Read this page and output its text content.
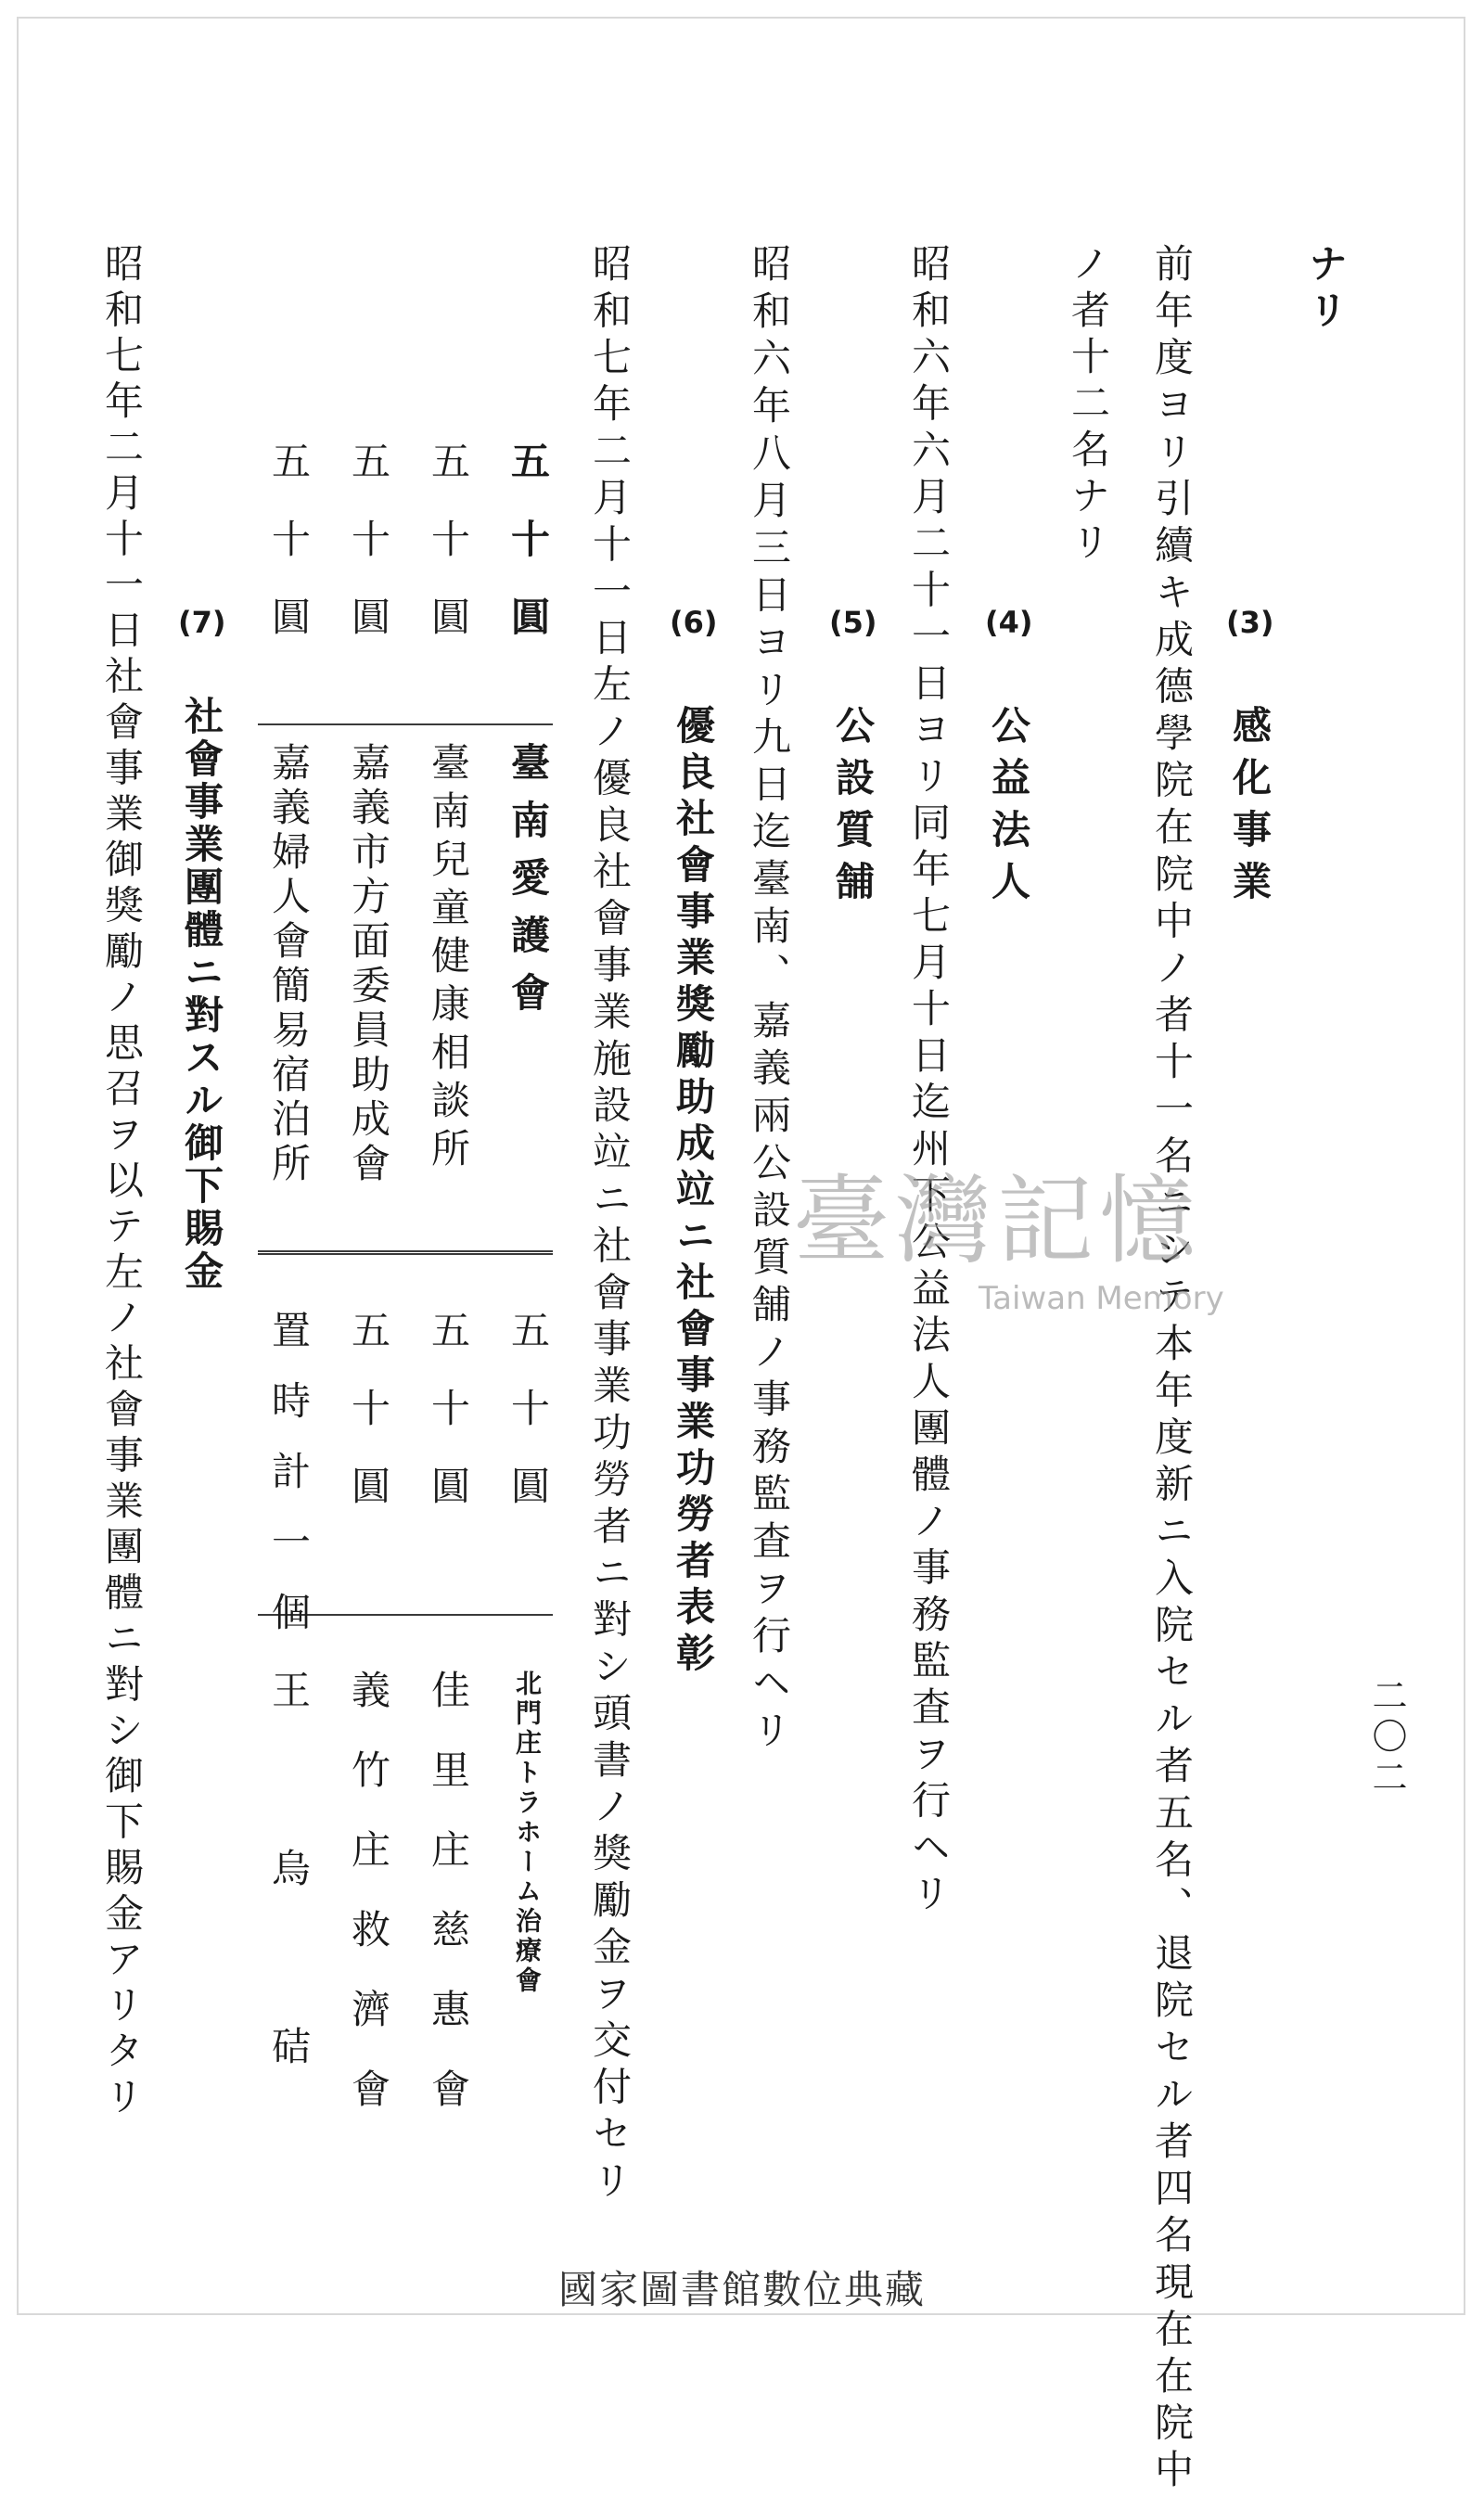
二〇二
ナリ
前年度ヨリ引續キ成德學院在院中ノ者十一名ニシテ本年度新ニ入院セル者五名、退院セル者四名現在在院中
ノ者十二名ナリ
(3)
感化事業
(4)
公益法人
昭和六年六月二十一日ヨリ同年七月十日迄州下公益法人團體ノ事務監査ヲ行ヘリ
(5)
公設質舗
昭和六年八月三日ヨリ九日迄臺南、嘉義兩公設質舗ノ事務監査ヲ行ヘリ
(6)
優良社會事業獎勵助成竝ニ社會事業功勞者表彰
昭和七年二月十一日左ノ優良社會事業施設竝ニ社會事業功勞者ニ對シ頭書ノ獎勵金ヲ交付セリ
五十圓
臺南愛護會
五十圓
臺南兒童健康相談所
五十圓
嘉義市方面委員助成會
五十圓
嘉義婦人會簡易宿泊所
五十圓
北門庄トラホーム治療會
五十圓
佳里庄慈惠會
五十圓
義竹庄救濟會
置時計一個
王烏硈
(7)
社會事業團體ニ對スル御下賜金
昭和七年二月十一日社會事業御獎勵ノ思召ヲ以テ左ノ社會事業團體ニ對シ御下賜金アリタリ	臺灣記憶
Taiwan Memory
國家圖書館數位典藏
